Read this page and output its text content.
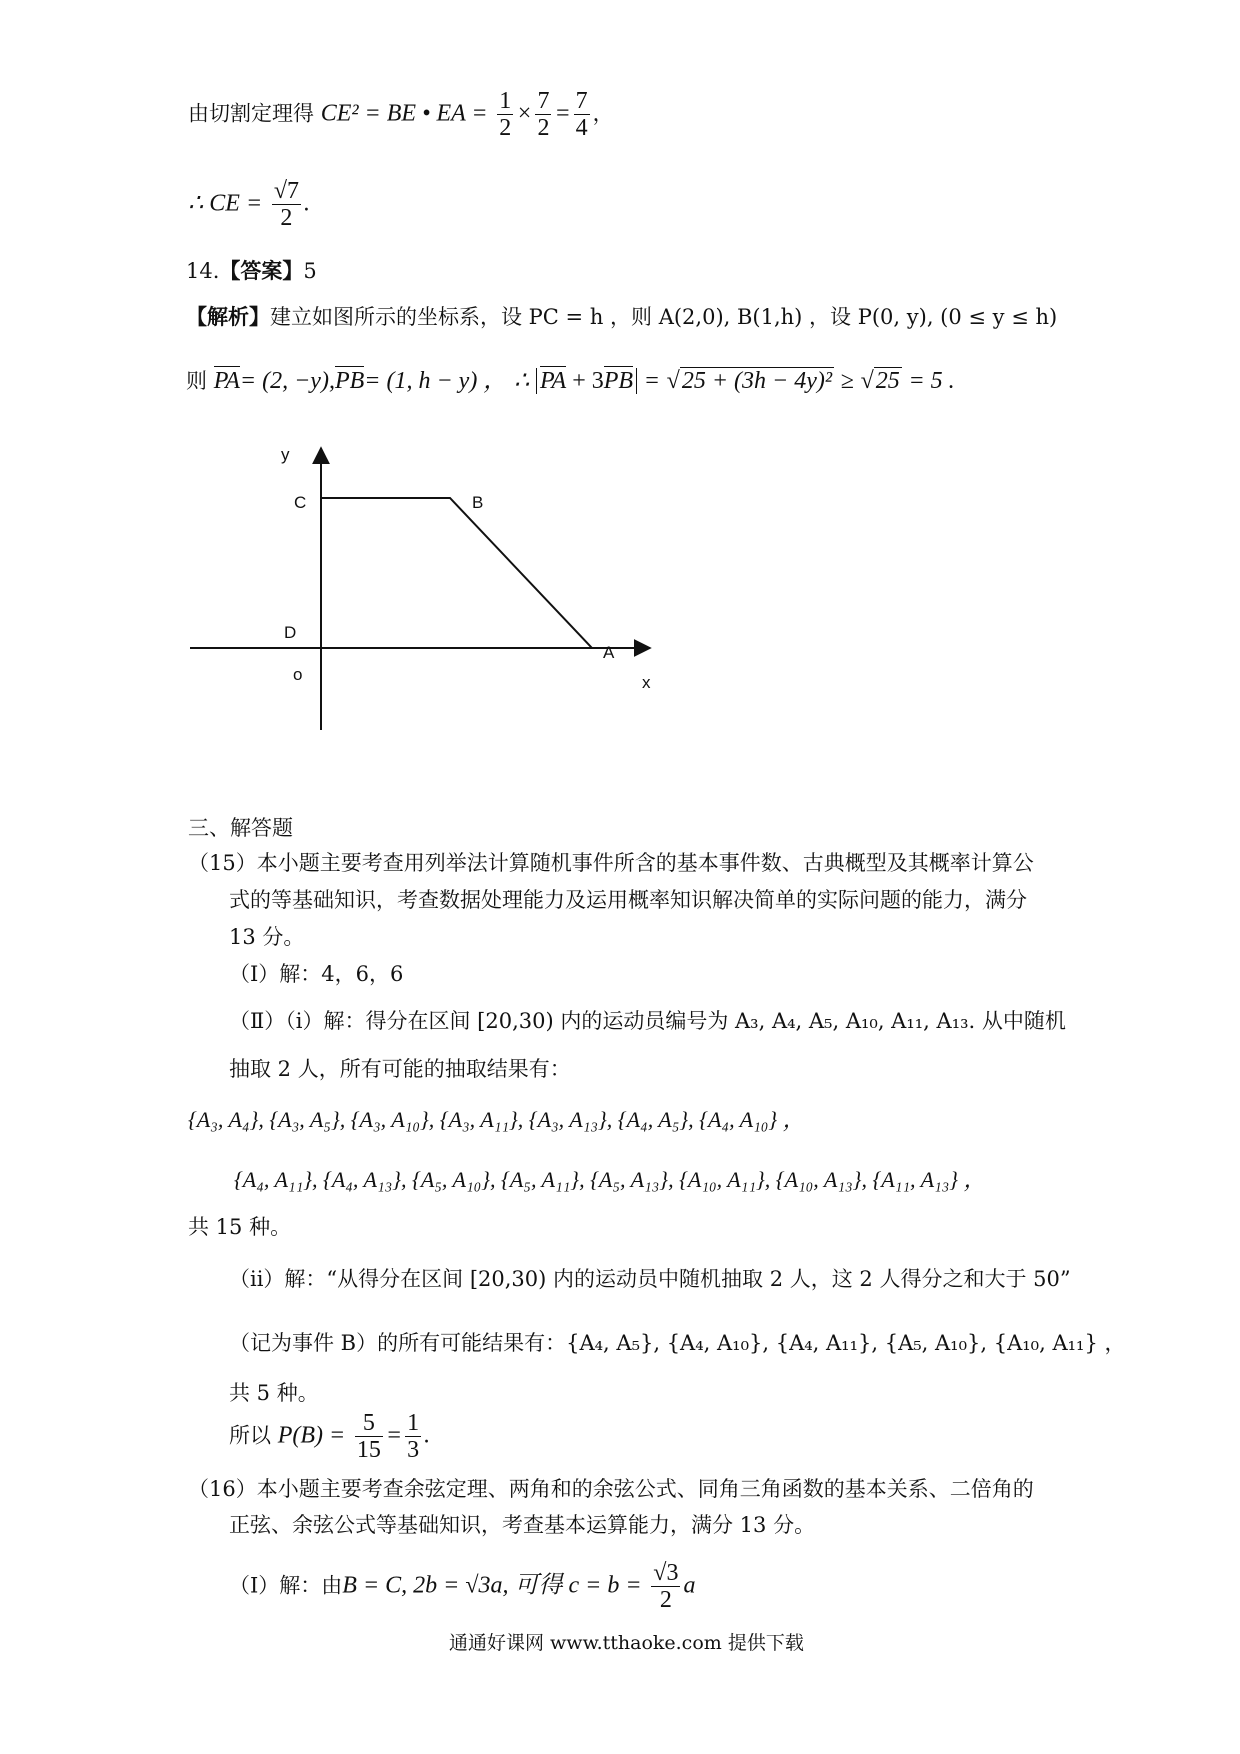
由切割定理得 CE² = BE • EA = $\frac{1}{2} \times \frac{7}{2} = \frac{7}{4}$ ，
∴ CE = $\frac{√7}{2}$ .
14.【答案】5
【解析】建立如图所示的坐标系，设 PC = h ，则 A(2,0), B(1,h) ，设 P(0, y), (0 ≤ y ≤ h)
则 PA= (2, −y),PB= (1, h − y) ， ∴ PA + 3PB = √25 + (3h − 4y)² ≥ √25 = 5 .
y
C	B
D
A
o	x
三、解答题
（15）本小题主要考查用列举法计算随机事件所含的基本事件数、古典概型及其概率计算公
式的等基础知识，考查数据处理能力及运用概率知识解决简单的实际问题的能力，满分
13 分。
（Ⅰ）解：4，6，6
（Ⅱ）（i）解：得分在区间 [20,30) 内的运动员编号为 A₃, A₄, A₅, A₁₀, A₁₁, A₁₃. 从中随机
抽取 2 人，所有可能的抽取结果有：
{A₃, A₄}, {A₃, A₅}, {A₃, A₁₀}, {A₃, A₁₁}, {A₃, A₁₃}, {A₄, A₅}, {A₄, A₁₀} ，
{A₄, A₁₁}, {A₄, A₁₃}, {A₅, A₁₀}, {A₅, A₁₁}, {A₅, A₁₃}, {A₁₀, A₁₁}, {A₁₀, A₁₃}, {A₁₁, A₁₃} ，
共 15 种。
（ii）解：“从得分在区间 [20,30) 内的运动员中随机抽取 2 人，这 2 人得分之和大于 50”
（记为事件 B）的所有可能结果有：{A₄, A₅}, {A₄, A₁₀}, {A₄, A₁₁}, {A₅, A₁₀}, {A₁₀, A₁₁} ，
共 5 种。
所以 $P(B) = \frac{5}{15} = \frac{1}{3}$ .
（16）本小题主要考查余弦定理、两角和的余弦公式、同角三角函数的基本关系、二倍角的
正弦、余弦公式等基础知识，考查基本运算能力，满分 13 分。
（Ⅰ）解：由B = C, 2b = √3a, 可得 $c = b = \frac{√3}{2}$ a
通通好课网 www.tthaoke.com 提供下载
